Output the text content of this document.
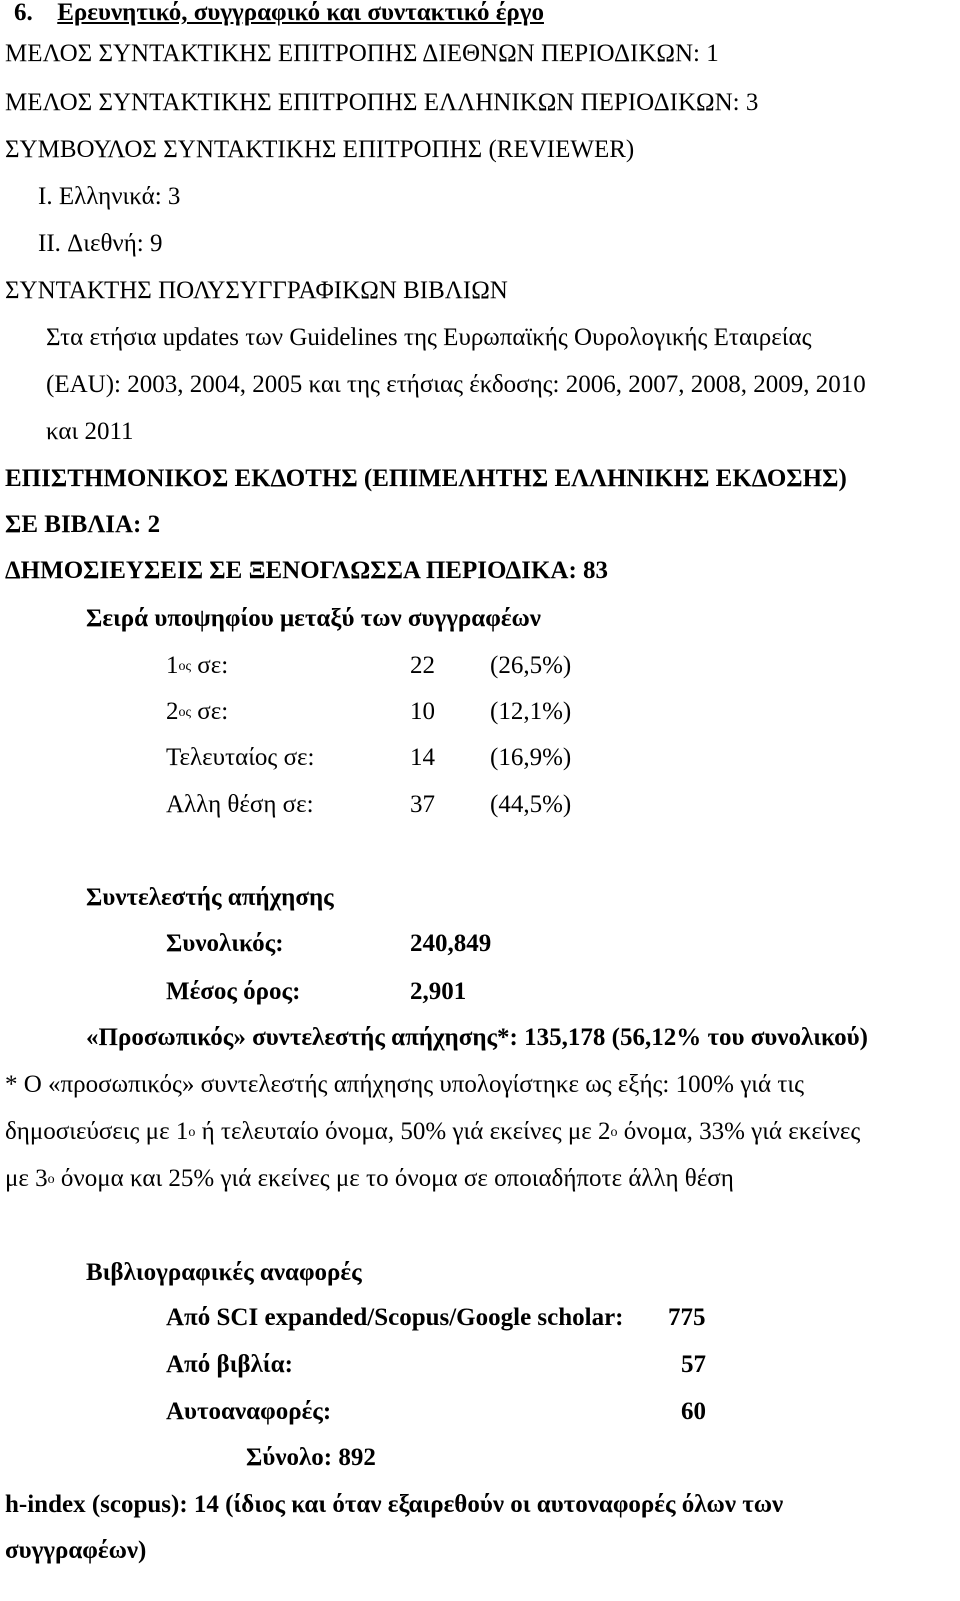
6. Ερευνητικό, συγγραφικό και συντακτικό έργο
ΜΕΛΟΣ ΣΥΝΤΑΚΤΙΚΗΣ ΕΠΙΤΡΟΠΗΣ ΔΙΕΘΝΩΝ ΠΕΡΙΟΔΙΚΩΝ: 1
ΜΕΛΟΣ ΣΥΝΤΑΚΤΙΚΗΣ ΕΠΙΤΡΟΠΗΣ ΕΛΛΗΝΙΚΩΝ ΠΕΡΙΟΔΙΚΩΝ: 3
ΣΥΜΒΟΥΛΟΣ ΣΥΝΤΑΚΤΙΚΗΣ ΕΠΙΤΡΟΠΗΣ (REVIEWER)
I. Ελληνικά: 3
II. Διεθνή: 9
ΣΥΝΤΑΚΤΗΣ ΠΟΛΥΣΥΓΓΡΑΦΙΚΩΝ ΒΙΒΛΙΩΝ
Στα ετήσια updates των Guidelines της Ευρωπαϊκής Ουρολογικής Εταιρείας
(EAU): 2003, 2004, 2005 και της ετήσιας έκδοσης: 2006, 2007, 2008, 2009, 2010
και 2011
ΕΠΙΣΤΗΜΟΝΙΚΟΣ ΕΚΔΟΤΗΣ (ΕΠΙΜΕΛΗΤΗΣ ΕΛΛΗΝΙΚΗΣ ΕΚΔΟΣΗΣ)
ΣΕ ΒΙΒΛΙΑ: 2
ΔΗΜΟΣΙΕΥΣΕΙΣ ΣΕ ΞΕΝΟΓΛΩΣΣΑ ΠΕΡΙΟΔΙΚΑ: 83
Σειρά υποψηφίου μεταξύ των συγγραφέων
$1^{o\varsigma}$ σε:	22 (26,5%)
$2^{o\varsigma}$ σε:	10 (12,1%)
Τελευταίος σε:	14 (16,9%)
Αλλη θέση σε:	37 (44,5%)
Συντελεστής απήχησης
Συνολικός:	240,849
Μέσος όρος:	2,901
«Προσωπικός» συντελεστής απήχησης*: 135,178 (56,12% του συνολικού)
* Ο «προσωπικός» συντελεστής απήχησης υπολογίστηκε ως εξής: 100% γιά τις
δημοσιεύσεις με $1^o$ ή τελευταίο όνομα, 50% γιά εκείνες με $2^o$ όνομα, 33% γιά εκείνες
με $3^o$ όνομα και 25% γιά εκείνες με το όνομα σε οποιαδήποτε άλλη θέση
Βιβλιογραφικές αναφορές
Από SCI expanded/Scopus/Google scholar: 775
Από βιβλία:	57
Αυτοαναφορές:	60
Σύνολο: 892
h-index (scopus): 14 (ίδιος και όταν εξαιρεθούν οι αυτοναφορές όλων των
συγγραφέων)
